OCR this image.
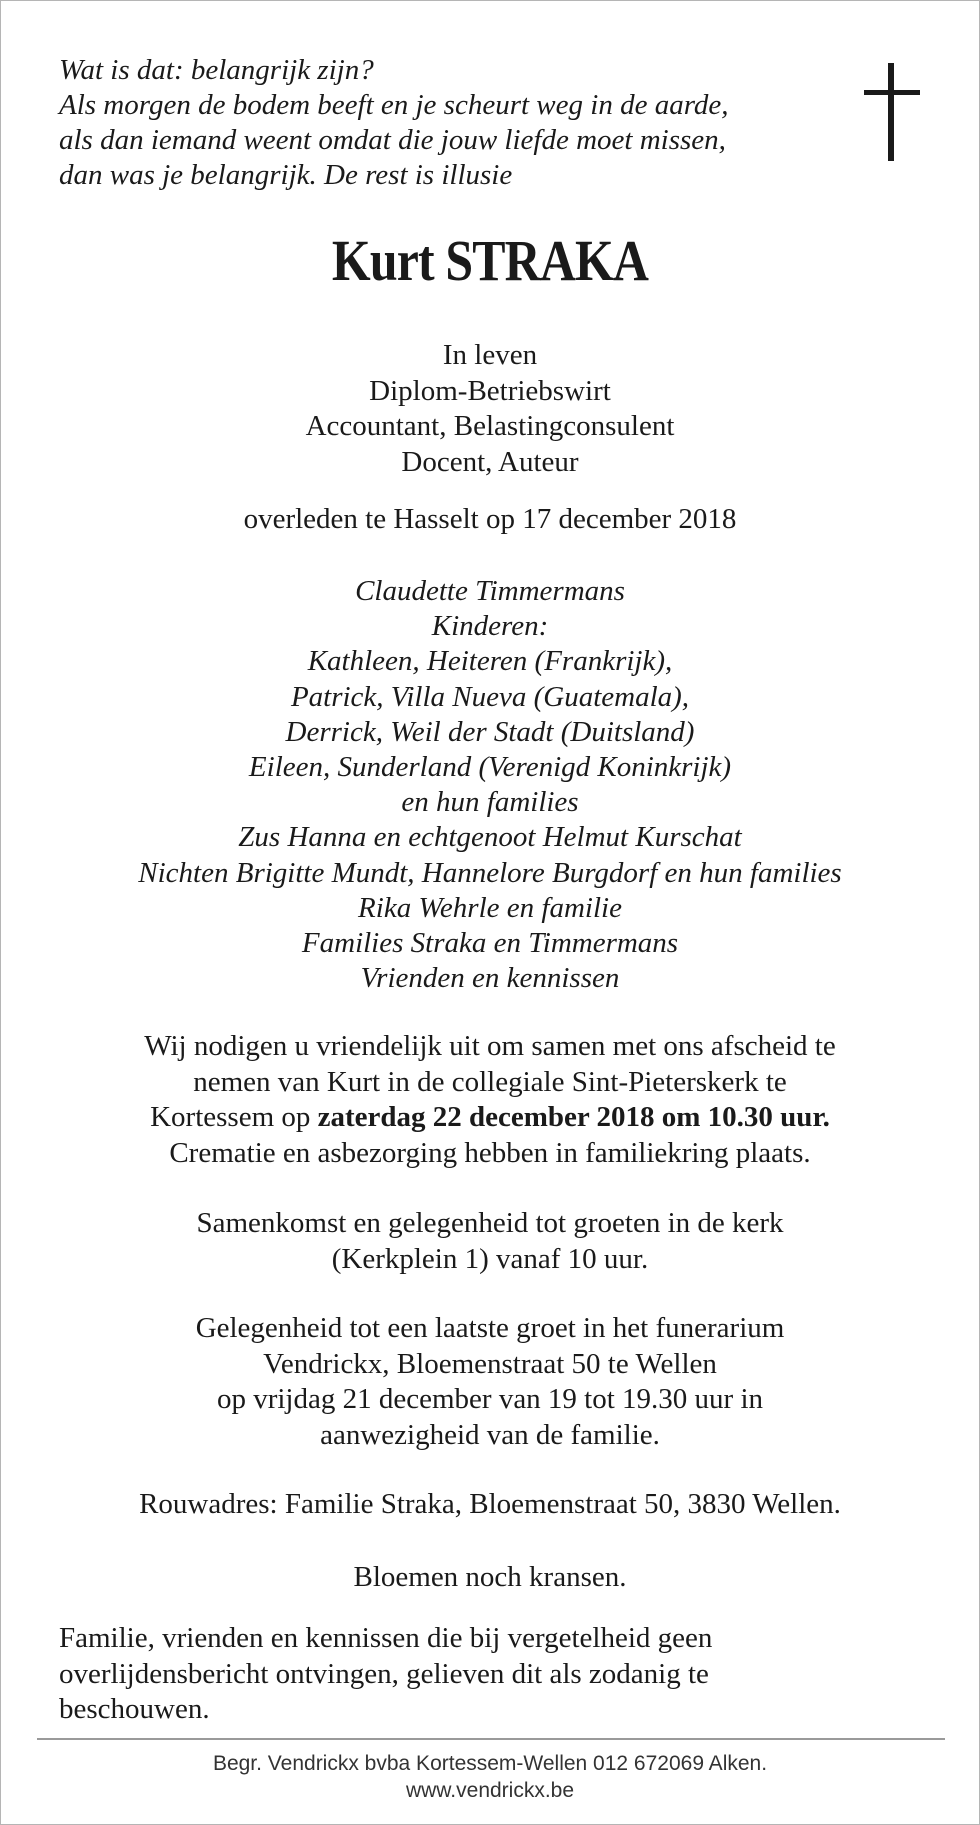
Wat is dat: belangrijk zijn?
Als morgen de bodem beeft en je scheurt weg in de aarde,
als dan iemand weent omdat die jouw liefde moet missen,
dan was je belangrijk. De rest is illusie
Kurt STRAKA
In leven
Diplom-Betriebswirt
Accountant, Belastingconsulent
Docent, Auteur
overleden te Hasselt op 17 december 2018
Claudette Timmermans
Kinderen:
Kathleen, Heiteren (Frankrijk),
Patrick, Villa Nueva (Guatemala),
Derrick, Weil der Stadt (Duitsland)
Eileen, Sunderland (Verenigd Koninkrijk)
en hun families
Zus Hanna en echtgenoot Helmut Kurschat
Nichten Brigitte Mundt, Hannelore Burgdorf en hun families
Rika Wehrle en familie
Families Straka en Timmermans
Vrienden en kennissen
Wij nodigen u vriendelijk uit om samen met ons afscheid te
nemen van Kurt in de collegiale Sint-Pieterskerk te
Kortessem op zaterdag 22 december 2018 om 10.30 uur.
Crematie en asbezorging hebben in familiekring plaats.
Samenkomst en gelegenheid tot groeten in de kerk
(Kerkplein 1) vanaf 10 uur.
Gelegenheid tot een laatste groet in het funerarium
Vendrickx, Bloemenstraat 50 te Wellen
op vrijdag 21 december van 19 tot 19.30 uur in
aanwezigheid van de familie.
Rouwadres: Familie Straka, Bloemenstraat 50, 3830 Wellen.
Bloemen noch kransen.
Familie, vrienden en kennissen die bij vergetelheid geen
overlijdensbericht ontvingen, gelieven dit als zodanig te
beschouwen.
Begr. Vendrickx bvba Kortessem-Wellen 012 672069 Alken.
www.vendrickx.be
